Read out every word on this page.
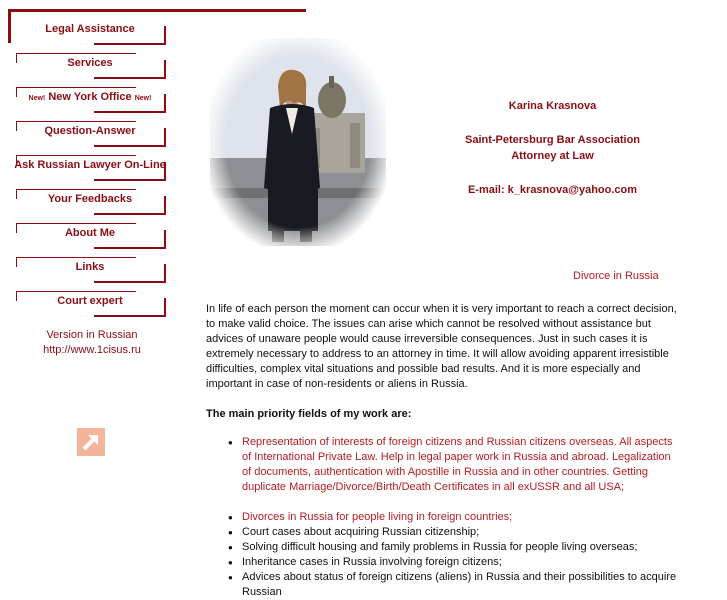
Legal Assistance
Services
New! New York Office New!
Question-Answer
Ask Russian Lawyer On-Line
Your Feedbacks
About Me
Links
Court expert
Version in Russian
http://www.1cisus.ru
Karina Krasnova
Saint-Petersburg Bar Association
Attorney at Law
E-mail: k_krasnova@yahoo.com
Divorce in Russia

In life of each person the moment can occur when it is very important to reach a correct decision, to make valid choice. The issues can arise which cannot be resolved without assistance but advices of unaware people would cause irreversible consequences. Just in such cases it is extremely necessary to address to an attorney in time. It will allow avoiding apparent irresistible difficulties, complex vital situations and possible bad results. And it is more especially and important in case of non-residents or aliens in Russia.

The main priority fields of my work are:

● Representation of interests of foreign citizens and Russian citizens overseas. All aspects of International Private Law. Help in legal paper work in Russia and abroad. Legalization of documents, authentication with Apostille in Russia and in other countries. Getting duplicate Marriage/Divorce/Birth/Death Certificates in all exUSSR and all USA;
● Divorces in Russia for people living in foreign countries;
● Court cases about acquiring Russian citizenship;
● Solving difficult housing and family problems in Russia for people living overseas;
● Inheritance cases in Russia involving foreign citizens;
● Advices about status of foreign citizens (aliens) in Russia and their possibilities to acquire Russian
